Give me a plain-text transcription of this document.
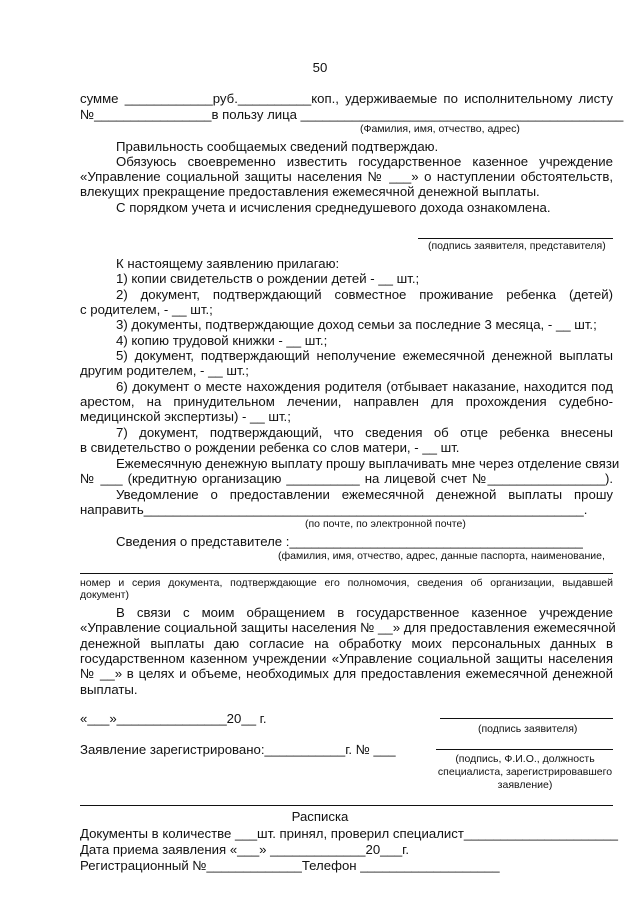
50
сумме ____________руб.__________коп., удерживаемые по исполнительному листу
№________________в пользу лица ____________________________________________
(Фамилия, имя, отчество, адрес)
Правильность сообщаемых сведений подтверждаю.
Обязуюсь своевременно известить государственное казенное учреждение
«Управление социальной защиты населения № ___» о наступлении обстоятельств,
влекущих прекращение предоставления ежемесячной денежной выплаты.
С порядком учета и исчисления среднедушевого дохода ознакомлена.
(подпись заявителя, представителя)
К настоящему заявлению прилагаю:
1) копии свидетельств о рождении детей - __ шт.;
2) документ, подтверждающий совместное проживание ребенка (детей)
с родителем, - __ шт.;
3) документы, подтверждающие доход семьи за последние 3 месяца, - __ шт.;
4) копию трудовой книжки - __ шт.;
5) документ, подтверждающий неполучение ежемесячной денежной выплаты
другим родителем, - __ шт.;
6) документ о месте нахождения родителя (отбывает наказание, находится под
арестом, на принудительном лечении, направлен для прохождения судебно-
медицинской экспертизы) - __ шт.;
7) документ, подтверждающий, что сведения об отце ребенка внесены
в свидетельство о рождении ребенка со слов матери, - __ шт.
Ежемесячную денежную выплату прошу выплачивать мне через отделение связи
№ ___ (кредитную организацию __________ на лицевой счет №________________).
Уведомление о предоставлении ежемесячной денежной выплаты прошу
направить____________________________________________________________.
(по почте, по электронной почте)
Сведения о представителе :________________________________________
(фамилия, имя, отчество, адрес, данные паспорта, наименование,
номер и серия документа, подтверждающие его полномочия, сведения об организации, выдавшей
документ)
В связи с моим обращением в государственное казенное учреждение
«Управление социальной защиты населения № __» для предоставления ежемесячной
денежной выплаты даю согласие на обработку моих персональных данных в
государственном казенном учреждении «Управление социальной защиты населения
№ __» в целях и объеме, необходимых для предоставления ежемесячной денежной
выплаты.
«___»_______________20__ г.
(подпись заявителя)
Заявление зарегистрировано:___________г. № ___
(подпись, Ф.И.О., должность
специалиста, зарегистрировавшего
заявление)
Расписка
Документы в количестве ___шт. принял, проверил специалист_____________________
Дата приема заявления «___» _____________20___г.
Регистрационный №_____________Телефон ___________________
